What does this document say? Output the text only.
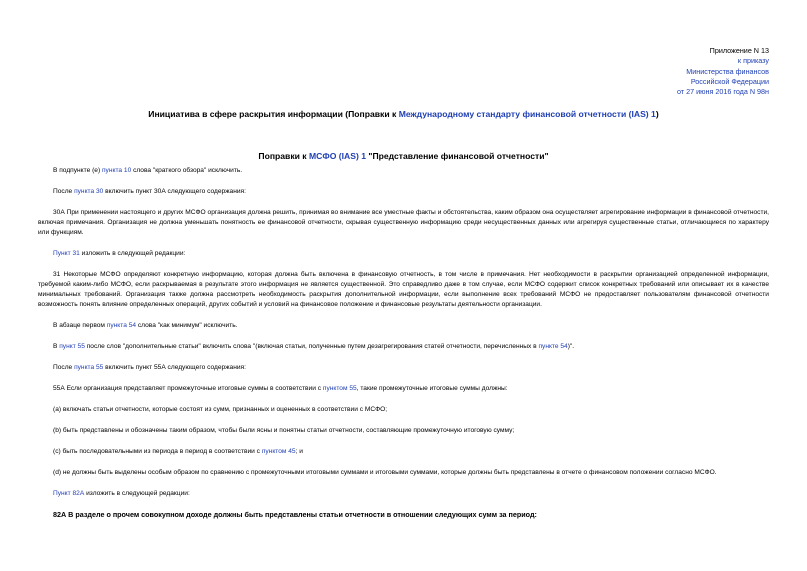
Приложение N 13
к приказу
Министерства финансов
Российской Федерации
от 27 июня 2016 года N 98н
Инициатива в сфере раскрытия информации (Поправки к Международному стандарту финансовой отчетности (IAS) 1)
Поправки к МСФО (IAS) 1 "Представление финансовой отчетности"

В подпункте (е) пункта 10 слова "краткого обзора" исключить.

После пункта 30 включить пункт 30А следующего содержания:

30А При применении настоящего и других МСФО организация должна решить, принимая во внимание все уместные факты и обстоятельства, каким образом она осуществляет агрегирование информации в финансовой отчетности, включая примечания. Организация не должна уменьшать понятность ее финансовой отчетности, скрывая существенную информацию среди несущественных данных или агрегируя существенные статьи, отличающиеся по характеру или функциям.

Пункт 31 изложить в следующей редакции:

31 Некоторые МСФО определяют конкретную информацию, которая должна быть включена в финансовую отчетность, в том числе в примечания. Нет необходимости в раскрытии организацией определенной информации, требуемой каким-либо МСФО, если раскрываемая в результате этого информация не является существенной. Это справедливо даже в том случае, если МСФО содержит список конкретных требований или описывает их в качестве минимальных требований. Организация также должна рассмотреть необходимость раскрытия дополнительной информации, если выполнение всех требований МСФО не предоставляет пользователям финансовой отчетности возможность понять влияние определенных операций, других событий и условий на финансовое положение и финансовые результаты деятельности организации.

В абзаце первом пункта 54 слова "как минимум" исключить.

В пункт 55 после слов "дополнительные статьи" включить слова "(включая статьи, полученные путем дезагрегирования статей отчетности, перечисленных в пункте 54)".

После пункта 55 включить пункт 55А следующего содержания:

55А Если организация представляет промежуточные итоговые суммы в соответствии с пунктом 55, такие промежуточные итоговые суммы должны:

(a) включать статьи отчетности, которые состоят из сумм, признанных и оцененных в соответствии с МСФО;

(b) быть представлены и обозначены таким образом, чтобы были ясны и понятны статьи отчетности, составляющие промежуточную итоговую сумму;

(c) быть последовательными из периода в период в соответствии с пунктом 45; и

(d) не должны быть выделены особым образом по сравнению с промежуточными итоговыми суммами и итоговыми суммами, которые должны быть представлены в отчете о финансовом положении согласно МСФО.

Пункт 82А изложить в следующей редакции:

82А В разделе о прочем совокупном доходе должны быть представлены статьи отчетности в отношении следующих сумм за период:
